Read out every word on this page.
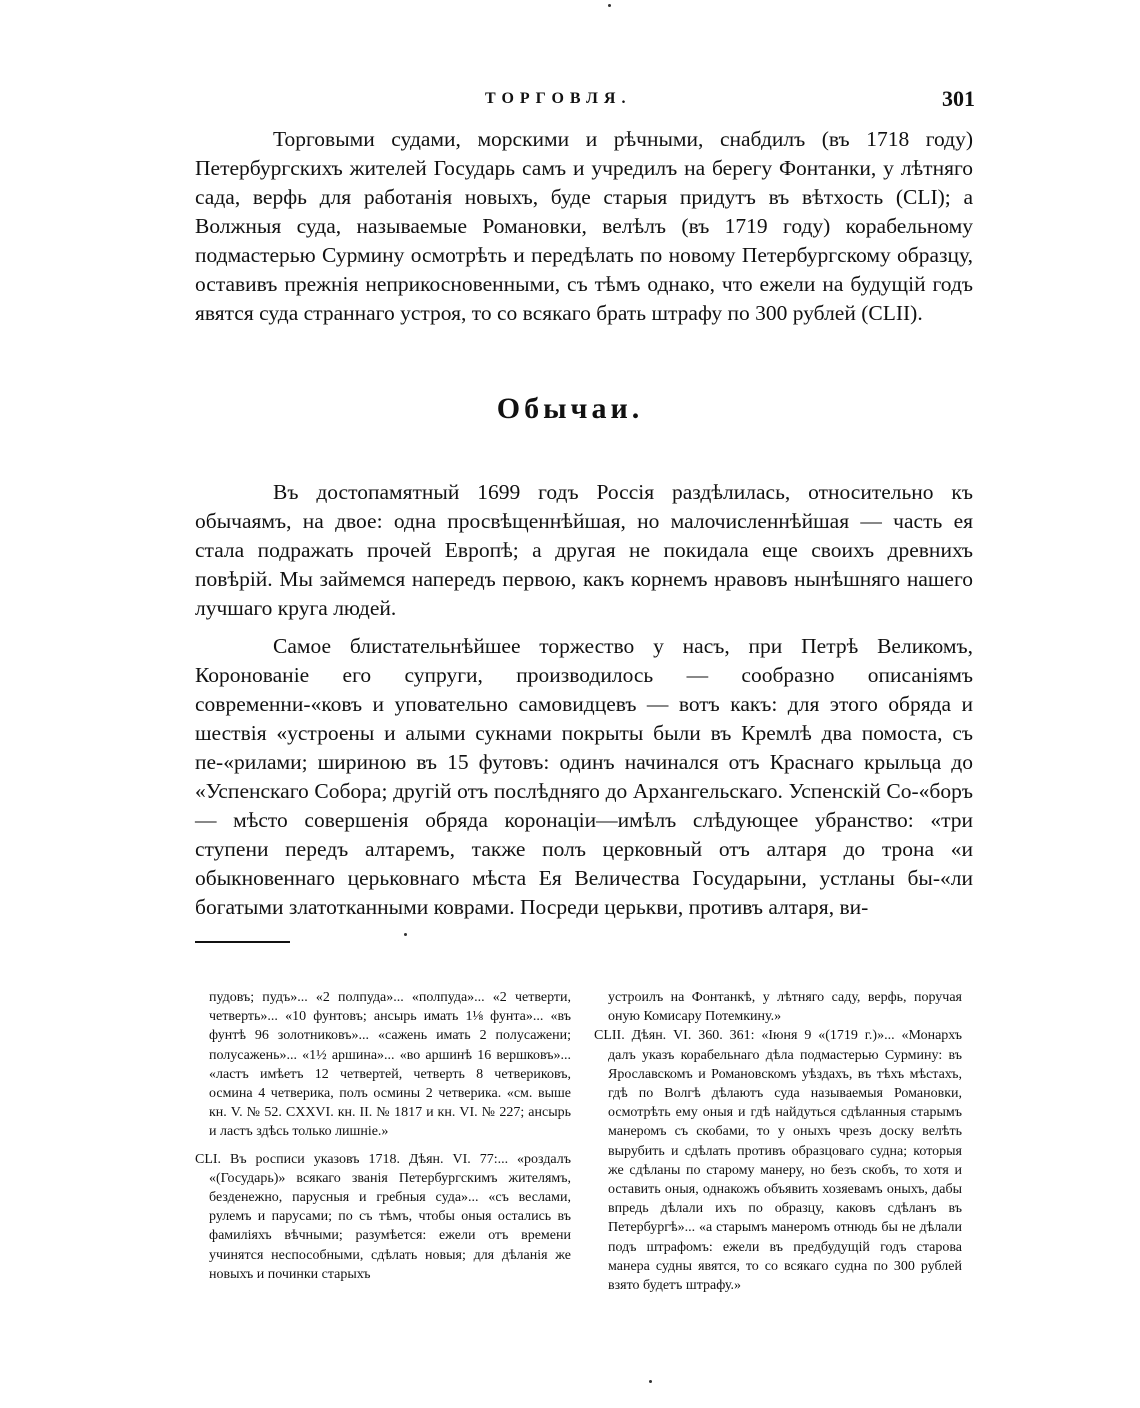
ТОРГОВЛЯ.	301

Торговыми судами, морскими и рѣчными, снабдилъ (въ 1718 году) Петербургскихъ жителей Государь самъ и учредилъ на берегу Фонтанки, у лѣтняго сада, верфь для работанія новыхъ, буде старыя придутъ въ вѣтхость (CLI); а Волжныя суда, называемые Романовки, велѣлъ (въ 1719 году) корабельному подмастерью Сурмину осмотрѣть и передѣлать по новому Петербургскому образцу, оставивъ прежнія неприкосновенными, съ тѣмъ однако, что ежели на будущій годъ явятся суда страннаго устроя, то со всякаго брать штрафу по 300 рублей (CLII).

Обычаи.

Въ достопамятный 1699 годъ Россія раздѣлилась, относительно къ обычаямъ, на двое: одна просвѣщеннѣйшая, но малочисленнѣйшая — часть ея стала подражать прочей Европѣ; а другая не покидала еще своихъ древнихъ повѣрій. Мы займемся напередъ первою, какъ корнемъ нравовъ нынѣшняго нашего лучшаго круга людей.

Самое блистательнѣйшее торжество у насъ, при Петрѣ Великомъ, Коронованіе его супруги, производилось — сообразно описаніямъ современни-«ковъ и уповательно самовидцевъ — вотъ какъ: для этого обряда и шествія «устроены и алыми сукнами покрыты были въ Кремлѣ два помоста, съ пе-«рилами; шириною въ 15 футовъ: одинъ начинался отъ Краснаго крыльца до «Успенскаго Собора; другій отъ послѣдняго до Архангельскаго. Успенскій Со-«боръ — мѣсто совершенія обряда коронаціи—имѣлъ слѣдующее убранство: «три ступени передъ алтаремъ, также полъ церковный отъ алтаря до трона «и обыкновеннаго церьковнаго мѣста Ея Величества Государыни, устланы бы-«ли богатыми златотканными коврами. Посреди церькви, противъ алтаря, ви-

пудовъ; пудъ»... «2 полпуда»... «полпуда»... «2 четверти, четверть»... «10 фунтовъ; ансырь имать 1⅛ фунта»... «въ фунтѣ 96 золотниковъ»... «сажень имать 2 полусажени; полусажень»... «1½ аршина»... «во аршинѣ 16 вершковъ»... «ластъ имѣетъ 12 четвертей, четверть 8 четвериковъ, осмина 4 четверика, полъ осмины 2 четверика. «см. выше кн. V. № 52. CXXVI. кн. II. № 1817 и кн. VI. № 227; ансырь и ластъ здѣсь только лишніе.»

CLI. Въ росписи указовъ 1718. Дѣян. VI. 77:... «роздалъ «(Государь)» всякаго званія Петербургскимъ жителямъ, безденежно, парусныя и гребныя суда»... «съ веслами, рулемъ и парусами; по съ тѣмъ, чтобы оныя остались въ фамиліяхъ вѣчными; разумѣется: ежели отъ времени учинятся неспособными, сдѣлать новыя; для дѣланія же новыхъ и починки старыхъ

устроилъ на Фонтанкѣ, у лѣтняго саду, верфь, поручая оную Комисару Потемкину.»

CLII. Дѣян. VI. 360. 361: «Іюня 9 «(1719 г.)»... «Монархъ далъ указъ корабельнаго дѣла подмастерью Сурмину: въ Ярославскомъ и Романовскомъ уѣздахъ, въ тѣхъ мѣстахъ, гдѣ по Волгѣ дѣлаютъ суда называемыя Романовки, осмотрѣть ему оныя и гдѣ найдуться сдѣланныя старымъ манеромъ съ скобами, то у оныхъ чрезъ доску велѣть вырубить и сдѣлать противъ образцоваго судна; которыя же сдѣланы по старому манеру, но безъ скобъ, то хотя и оставить оныя, однакожъ объявить хозяевамъ оныхъ, дабы впредь дѣлали ихъ по образцу, каковъ сдѣланъ въ Петербургѣ»... «а старымъ манеромъ отнюдь бы не дѣлали подъ штрафомъ: ежели въ предбудущій годъ старова манера судны явятся, то со всякаго судна по 300 рублей взято будетъ штрафу.»
